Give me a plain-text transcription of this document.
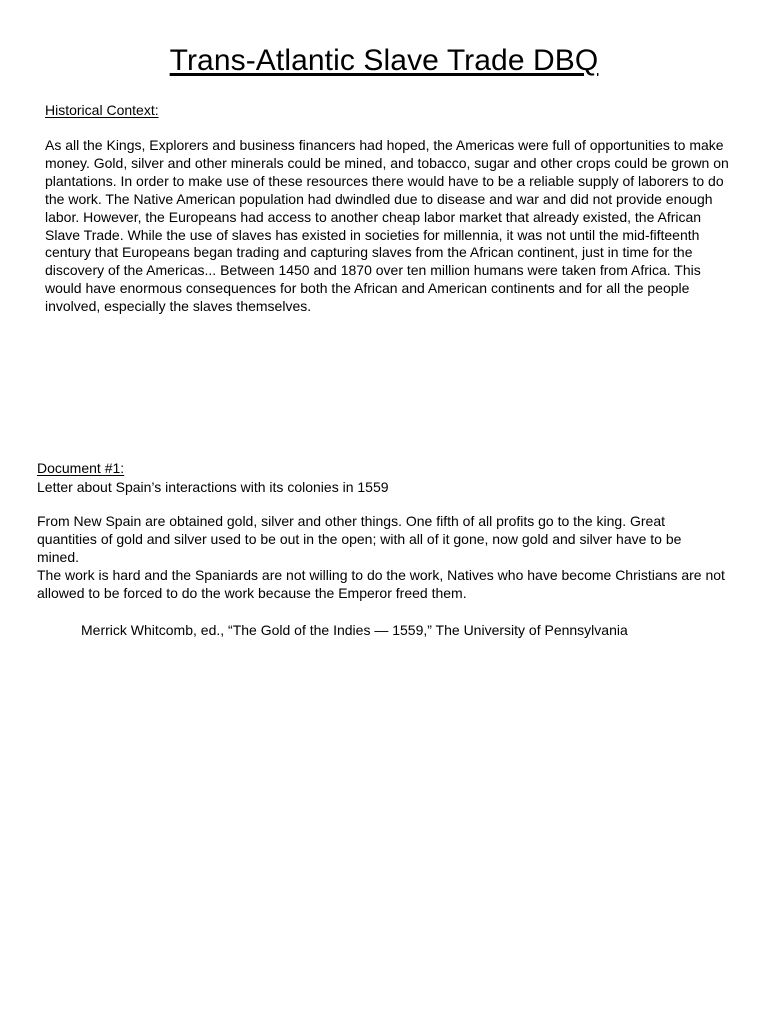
Trans-Atlantic Slave Trade DBQ
Historical Context:

As all the Kings, Explorers and business financers had hoped, the Americas were full of opportunities to make money. Gold, silver and other minerals could be mined, and tobacco, sugar and other crops could be grown on plantations. In order to make use of these resources there would have to be a reliable supply of laborers to do the work. The Native American population had dwindled due to disease and war and did not provide enough labor. However, the Europeans had access to another cheap labor market that already existed, the African Slave Trade. While the use of slaves has existed in societies for millennia, it was not until the mid-fifteenth century that Europeans began trading and capturing slaves from the African continent, just in time for the discovery of the Americas... Between 1450 and 1870 over ten million humans were taken from Africa. This would have enormous consequences for both the African and American continents and for all the people involved, especially the slaves themselves.

Document #1:
Letter about Spain’s interactions with its colonies in 1559

From New Spain are obtained gold, silver and other things. One fifth of all profits go to the king. Great quantities of gold and silver used to be out in the open; with all of it gone, now gold and silver have to be mined.

The work is hard and the Spaniards are not willing to do the work, Natives who have become Christians are not allowed to be forced to do the work because the Emperor freed them.

Merrick Whitcomb, ed., “The Gold of the Indies — 1559,” The University of Pennsylvania
